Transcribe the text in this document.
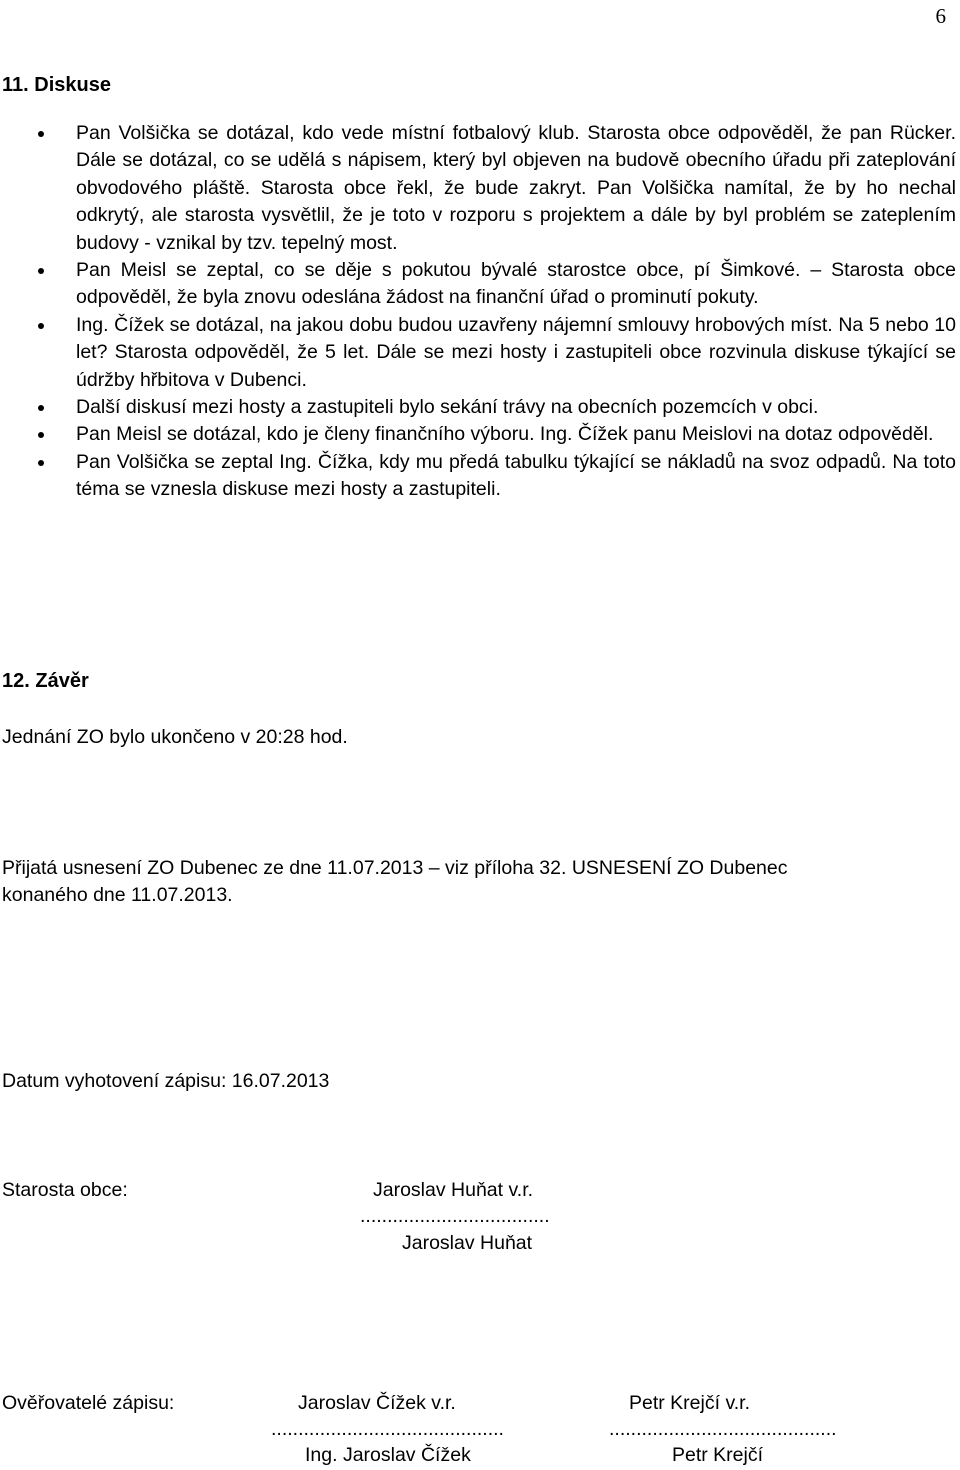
6
11. Diskuse
Pan Volšička se dotázal, kdo vede místní fotbalový klub. Starosta obce odpověděl, že pan Rücker. Dále se dotázal, co se udělá s nápisem, který byl objeven na budově obecního úřadu při zateplování obvodového pláště. Starosta obce řekl, že bude zakryt. Pan Volšička namítal, že by ho nechal odkrytý, ale starosta vysvětlil, že je toto v rozporu s projektem a dále by byl problém se zateplením budovy - vznikal by tzv. tepelný most.
Pan Meisl se zeptal, co se děje s pokutou bývalé starostce obce, pí Šimkové. – Starosta obce odpověděl, že byla znovu odeslána žádost na finanční úřad o prominutí pokuty.
Ing. Čížek se dotázal, na jakou dobu budou uzavřeny nájemní smlouvy hrobových míst. Na 5 nebo 10 let? Starosta odpověděl, že 5 let. Dále se mezi hosty i zastupiteli obce rozvinula diskuse týkající se údržby hřbitova v Dubenci.
Další diskusí mezi hosty a zastupiteli bylo sekání trávy na obecních pozemcích v obci.
Pan Meisl se dotázal, kdo je členy finančního výboru. Ing. Čížek panu Meislovi na dotaz odpověděl.
Pan Volšička se zeptal Ing. Čížka, kdy mu předá tabulku týkající se nákladů na svoz odpadů. Na toto téma se vznesla diskuse mezi hosty a zastupiteli.
12. Závěr
Jednání ZO bylo ukončeno v 20:28 hod.
Přijatá usnesení ZO Dubenec ze dne 11.07.2013 – viz příloha 32. USNESENÍ ZO Dubenec
konaného dne 11.07.2013.
Datum vyhotovení zápisu: 16.07.2013
Starosta obce:	Jaroslav Huňat v.r.
...................................
Jaroslav Huňat
Ověřovatelé zápisu:	Jaroslav Čížek v.r.
...........................................
Ing. Jaroslav Čížek
Petr Krejčí v.r.
..........................................
Petr Krejčí
